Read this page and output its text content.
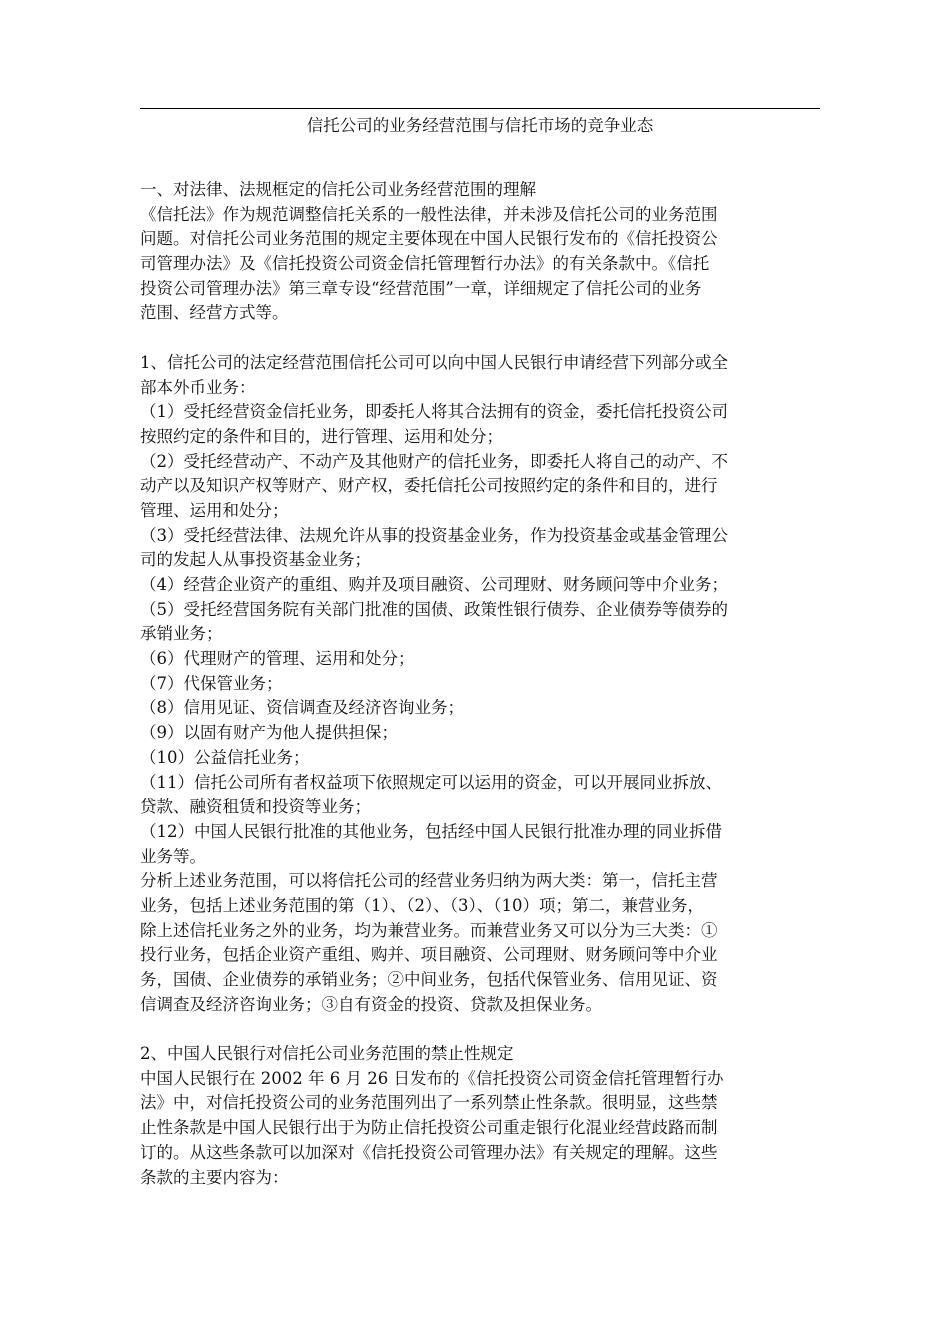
信托公司的业务经营范围与信托市场的竞争业态
一、对法律、法规框定的信托公司业务经营范围的理解
《信托法》作为规范调整信托关系的一般性法律，并未涉及信托公司的业务范围
问题。对信托公司业务范围的规定主要体现在中国人民银行发布的《信托投资公
司管理办法》及《信托投资公司资金信托管理暂行办法》的有关条款中。《信托
投资公司管理办法》第三章专设“经营范围”一章，详细规定了信托公司的业务
范围、经营方式等。
1、信托公司的法定经营范围信托公司可以向中国人民银行申请经营下列部分或全
部本外币业务：
（1）受托经营资金信托业务，即委托人将其合法拥有的资金，委托信托投资公司
按照约定的条件和目的，进行管理、运用和处分；
（2）受托经营动产、不动产及其他财产的信托业务，即委托人将自己的动产、不
动产以及知识产权等财产、财产权，委托信托公司按照约定的条件和目的，进行
管理、运用和处分；
（3）受托经营法律、法规允许从事的投资基金业务，作为投资基金或基金管理公
司的发起人从事投资基金业务；
（4）经营企业资产的重组、购并及项目融资、公司理财、财务顾问等中介业务；
（5）受托经营国务院有关部门批准的国债、政策性银行债券、企业债券等债券的
承销业务；
（6）代理财产的管理、运用和处分；
（7）代保管业务；
（8）信用见证、资信调查及经济咨询业务；
（9）以固有财产为他人提供担保；
（10）公益信托业务；
（11）信托公司所有者权益项下依照规定可以运用的资金，可以开展同业拆放、
贷款、融资租赁和投资等业务；
（12）中国人民银行批准的其他业务，包括经中国人民银行批准办理的同业拆借
业务等。
分析上述业务范围，可以将信托公司的经营业务归纳为两大类：第一，信托主营
业务，包括上述业务范围的第（1）、（2）、（3）、（10）项；第二，兼营业务，
除上述信托业务之外的业务，均为兼营业务。而兼营业务又可以分为三大类：①
投行业务，包括企业资产重组、购并、项目融资、公司理财、财务顾问等中介业
务，国债、企业债券的承销业务；②中间业务，包括代保管业务、信用见证、资
信调查及经济咨询业务；③自有资金的投资、贷款及担保业务。
2、中国人民银行对信托公司业务范围的禁止性规定
中国人民银行在 2002 年 6 月 26 日发布的《信托投资公司资金信托管理暂行办
法》中，对信托投资公司的业务范围列出了一系列禁止性条款。很明显，这些禁
止性条款是中国人民银行出于为防止信托投资公司重走银行化混业经营歧路而制
订的。从这些条款可以加深对《信托投资公司管理办法》有关规定的理解。这些
条款的主要内容为：
